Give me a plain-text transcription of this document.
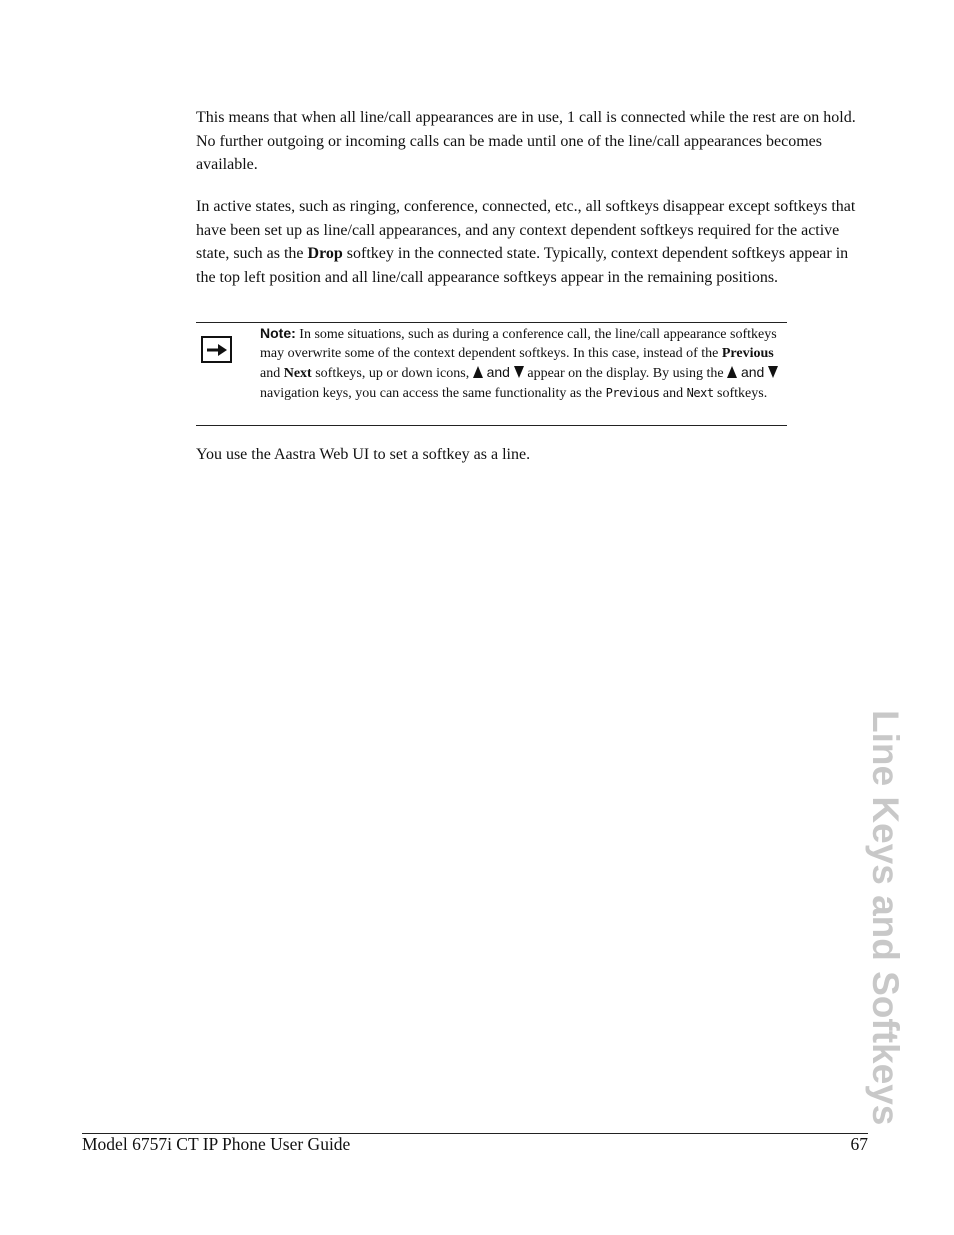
This means that when all line/call appearances are in use, 1 call is connected while the rest are on hold. No further outgoing or incoming calls can be made until one of the line/call appearances becomes available.

In active states, such as ringing, conference, connected, etc., all softkeys disappear except softkeys that have been set up as line/call appearances, and any context dependent softkeys required for the active state, such as the Drop softkey in the connected state. Typically, context dependent softkeys appear in the top left position and all line/call appearance softkeys appear in the remaining positions.

Note: In some situations, such as during a conference call, the line/call appearance softkeys may overwrite some of the context dependent softkeys. In this case, instead of the Previous and Next softkeys, up or down icons,  and  appear on the display. By using the  and  navigation keys, you can access the same functionality as the Previous and Next softkeys.

You use the Aastra Web UI to set a softkey as a line.

Line Keys and Softkeys
Model 6757i CT IP Phone User Guide	67
